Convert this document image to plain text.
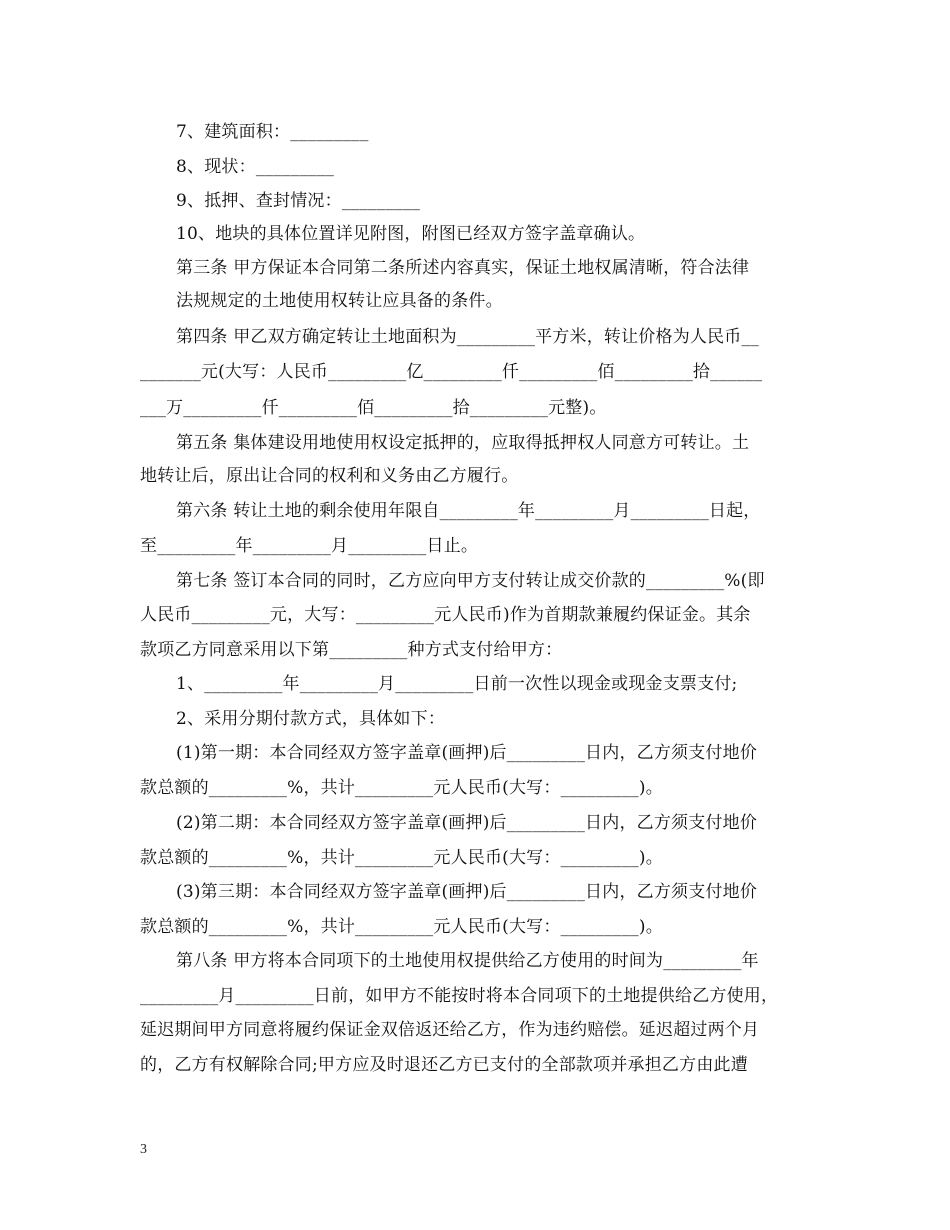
7、建筑面积：_________
8、现状：_________
9、抵押、查封情况：_________
10、地块的具体位置详见附图，附图已经双方签字盖章确认。
第三条 甲方保证本合同第二条所述内容真实，保证土地权属清晰，符合法律
法规规定的土地使用权转让应具备的条件。
第四条 甲乙双方确定转让土地面积为_________平方米，转让价格为人民币__
_______元(大写：人民币_________亿_________仟_________佰_________拾______
___万_________仟_________佰_________拾_________元整)。
第五条 集体建设用地使用权设定抵押的，应取得抵押权人同意方可转让。土
地转让后，原出让合同的权利和义务由乙方履行。
第六条 转让土地的剩余使用年限自_________年_________月_________日起，
至_________年_________月_________日止。
第七条 签订本合同的同时，乙方应向甲方支付转让成交价款的_________%(即
人民币_________元，大写：_________元人民币)作为首期款兼履约保证金。其余
款项乙方同意采用以下第_________种方式支付给甲方：
1、_________年_________月_________日前一次性以现金或现金支票支付;
2、采用分期付款方式，具体如下：
(1)第一期：本合同经双方签字盖章(画押)后_________日内，乙方须支付地价
款总额的_________%，共计_________元人民币(大写：_________)。
(2)第二期：本合同经双方签字盖章(画押)后_________日内，乙方须支付地价
款总额的_________%，共计_________元人民币(大写：_________)。
(3)第三期：本合同经双方签字盖章(画押)后_________日内，乙方须支付地价
款总额的_________%，共计_________元人民币(大写：_________)。
第八条 甲方将本合同项下的土地使用权提供给乙方使用的时间为_________年
_________月_________日前，如甲方不能按时将本合同项下的土地提供给乙方使用，
延迟期间甲方同意将履约保证金双倍返还给乙方，作为违约赔偿。延迟超过两个月
的，乙方有权解除合同;甲方应及时退还乙方已支付的全部款项并承担乙方由此遭
3
